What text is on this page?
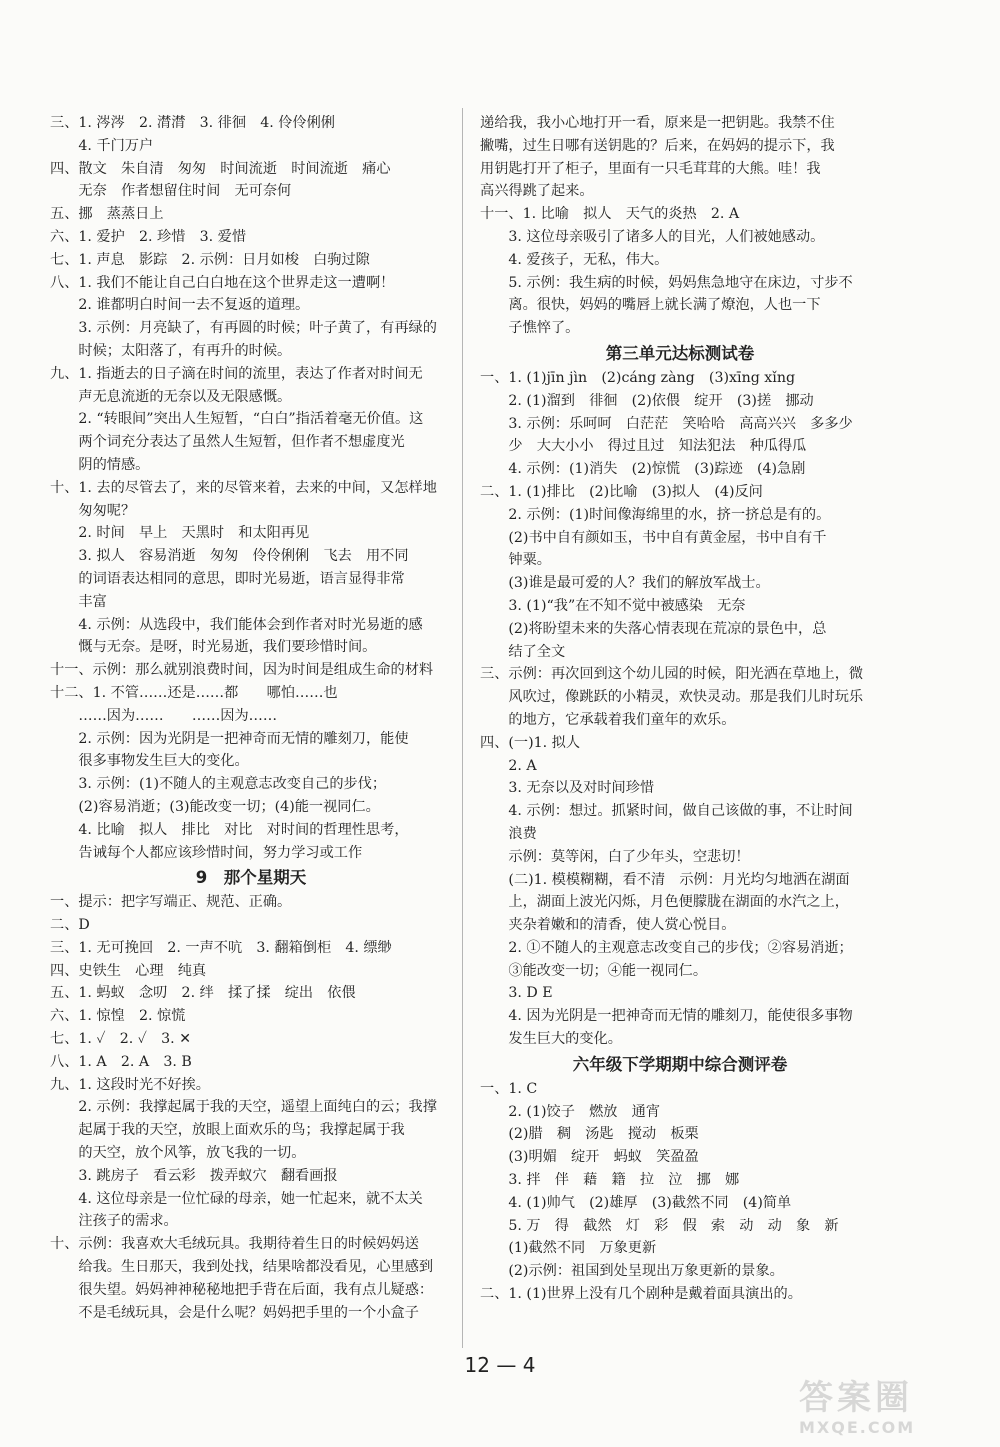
三、1. 涔涔　2. 潸潸　3. 徘徊　4. 伶伶俐俐
　　4. 千门万户
四、散文　朱自清　匆匆　时间流逝　时间流逝　痛心
　　无奈　作者想留住时间　无可奈何
五、挪　蒸蒸日上
六、1. 爱护　2. 珍惜　3. 爱惜
七、1. 声息　影踪　2. 示例：日月如梭　白驹过隙
八、1. 我们不能让自己白白地在这个世界走这一遭啊！
　　2. 谁都明白时间一去不复返的道理。
　　3. 示例：月亮缺了，有再圆的时候；叶子黄了，有再绿的
　　时候；太阳落了，有再升的时候。
九、1. 指逝去的日子滴在时间的流里，表达了作者对时间无
　　声无息流逝的无奈以及无限感慨。
　　2. “转眼间”突出人生短暂，“白白”指活着毫无价值。这
　　两个词充分表达了虽然人生短暂，但作者不想虚度光
　　阴的情感。
十、1. 去的尽管去了，来的尽管来着，去来的中间，又怎样地
　　匆匆呢？
　　2. 时间　早上　天黑时　和太阳再见
　　3. 拟人　容易消逝　匆匆　伶伶俐俐　飞去　用不同
　　的词语表达相同的意思，即时光易逝，语言显得非常
　　丰富
　　4. 示例：从选段中，我们能体会到作者对时光易逝的感
　　慨与无奈。是呀，时光易逝，我们要珍惜时间。
十一、示例：那么就别浪费时间，因为时间是组成生命的材料
十二、1. 不管……还是……都　　哪怕……也
　　……因为……　　……因为……
　　2. 示例：因为光阴是一把神奇而无情的雕刻刀，能使
　　很多事物发生巨大的变化。
　　3. 示例：(1)不随人的主观意志改变自己的步伐；
　　(2)容易消逝；(3)能改变一切；(4)能一视同仁。
　　4. 比喻　拟人　排比　对比　对时间的哲理性思考，
　　告诫每个人都应该珍惜时间，努力学习或工作
9　那个星期天
一、提示：把字写端正、规范、正确。
二、D
三、1. 无可挽回　2. 一声不吭　3. 翻箱倒柜　4. 缥缈
四、史铁生　心理　纯真
五、1. 蚂蚁　念叨　2. 绊　揉了揉　绽出　依偎
六、1. 惊惶　2. 惊慌
七、1. ✓　2. ✓　3. ✕
八、1. A　2. A　3. B
九、1. 这段时光不好挨。
　　2. 示例：我撑起属于我的天空，遥望上面纯白的云；我撑
　　起属于我的天空，放眼上面欢乐的鸟；我撑起属于我
　　的天空，放个风筝，放飞我的一切。
　　3. 跳房子　看云彩　拨弄蚁穴　翻看画报
　　4. 这位母亲是一位忙碌的母亲，她一忙起来，就不太关
　　注孩子的需求。
十、示例：我喜欢大毛绒玩具。我期待着生日的时候妈妈送
　　给我。生日那天，我到处找，结果啥都没看见，心里感到
　　很失望。妈妈神神秘秘地把手背在后面，我有点儿疑惑：
　　不是毛绒玩具，会是什么呢？妈妈把手里的一个小盒子
递给我，我小心地打开一看，原来是一把钥匙。我禁不住
撇嘴，过生日哪有送钥匙的？后来，在妈妈的提示下，我
用钥匙打开了柜子，里面有一只毛茸茸的大熊。哇！我
高兴得跳了起来。
十一、1. 比喻　拟人　天气的炎热　2. A
　　3. 这位母亲吸引了诸多人的目光，人们被她感动。
　　4. 爱孩子，无私，伟大。
　　5. 示例：我生病的时候，妈妈焦急地守在床边，寸步不
　　离。很快，妈妈的嘴唇上就长满了燎泡，人也一下
　　子憔悴了。
第三单元达标测试卷
一、1. (1)jīn jìn　(2)cáng zàng　(3)xīng xǐng
　　2. (1)溜到　徘徊　(2)依偎　绽开　(3)搓　挪动
　　3. 示例：乐呵呵　白茫茫　笑哈哈　高高兴兴　多多少
　　少　大大小小　得过且过　知法犯法　种瓜得瓜
　　4. 示例：(1)消失　(2)惊慌　(3)踪迹　(4)急剧
二、1. (1)排比　(2)比喻　(3)拟人　(4)反问
　　2. 示例：(1)时间像海绵里的水，挤一挤总是有的。
　　(2)书中自有颜如玉，书中自有黄金屋，书中自有千
　　钟粟。
　　(3)谁是最可爱的人？我们的解放军战士。
　　3. (1)“我”在不知不觉中被感染　无奈
　　(2)将盼望未来的失落心情表现在荒凉的景色中，总
　　结了全文
三、示例：再次回到这个幼儿园的时候，阳光洒在草地上，微
　　风吹过，像跳跃的小精灵，欢快灵动。那是我们儿时玩乐
　　的地方，它承载着我们童年的欢乐。
四、(一)1. 拟人
　　2. A
　　3. 无奈以及对时间珍惜
　　4. 示例：想过。抓紧时间，做自己该做的事，不让时间
　　浪费
　　示例：莫等闲，白了少年头，空悲切！
　　(二)1. 模模糊糊，看不清　示例：月光均匀地洒在湖面
　　上，湖面上波光闪烁，月色便朦胧在湖面的水汽之上，
　　夹杂着嫩和的清香，使人赏心悦目。
　　2. ①不随人的主观意志改变自己的步伐；②容易消逝；
　　③能改变一切；④能一视同仁。
　　3. D E
　　4. 因为光阴是一把神奇而无情的雕刻刀，能使很多事物
　　发生巨大的变化。
六年级下学期期中综合测评卷
一、1. C
　　2. (1)饺子　燃放　通宵
　　(2)腊　稠　汤匙　搅动　板栗
　　(3)明媚　绽开　蚂蚁　笑盈盈
　　3. 拌　伴　藉　籍　拉　泣　挪　娜
　　4. (1)帅气　(2)雄厚　(3)截然不同　(4)简单
　　5. 万　得　截然　灯　彩　假　索　动　动　象　新
　　(1)截然不同　万象更新
　　(2)示例：祖国到处呈现出万象更新的景象。
二、1. (1)世界上没有几个剧种是戴着面具演出的。
12 — 4
答案圈
MXQE.COM
